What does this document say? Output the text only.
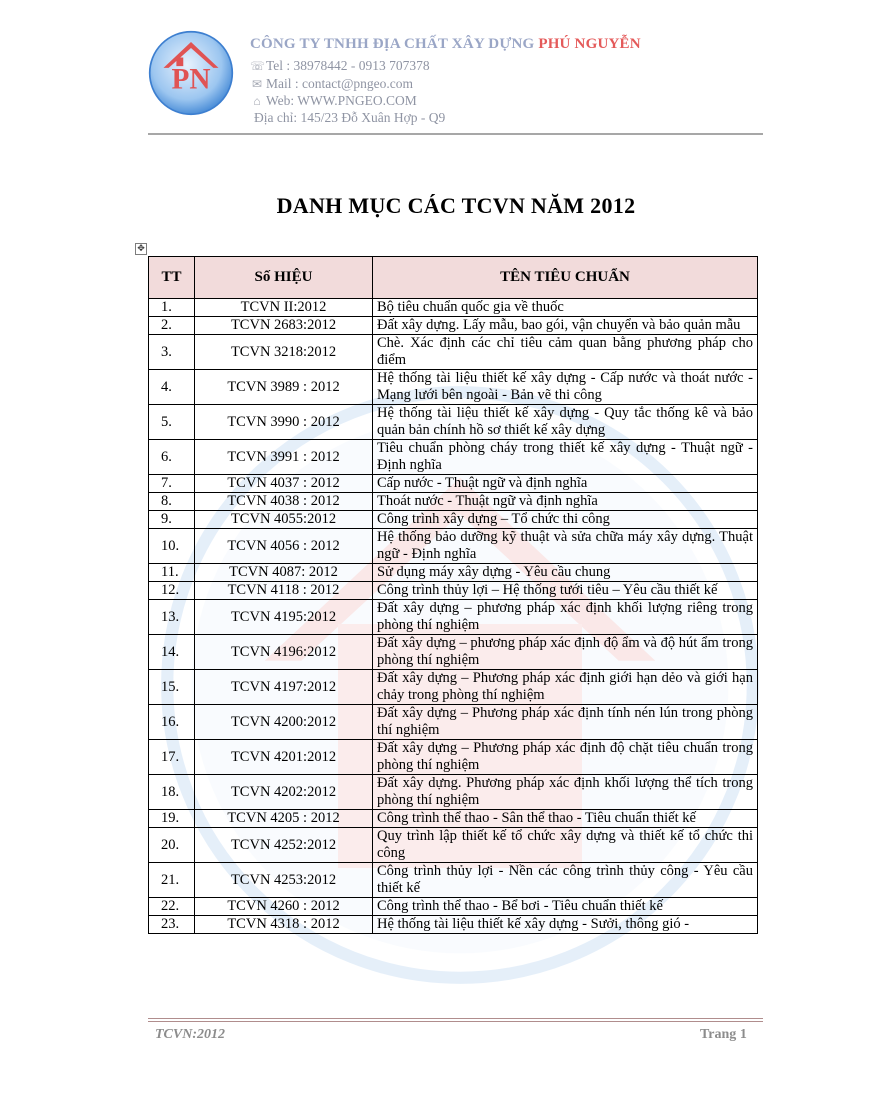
PN
CÔNG TY TNHH ĐỊA CHẤT XÂY DỰNG PHÚ NGUYỄN
☏Tel : 38978442 - 0913 707378
✉ Mail : contact@pngeo.com
⌂ Web: WWW.PNGEO.COM
Địa chỉ: 145/23 Đỗ Xuân Hợp - Q9
DANH MỤC CÁC TCVN NĂM 2012
✥
TT	Số HIỆU	TÊN TIÊU CHUẨN
1.	TCVN II:2012	Bộ tiêu chuẩn quốc gia về thuốc
2.	TCVN 2683:2012	Đất xây dựng. Lấy mẫu, bao gói, vận chuyển và bảo quản mẫu
3.	TCVN 3218:2012	Chè. Xác định các chỉ tiêu cảm quan bằng phương pháp cho điểm
4.	TCVN 3989 : 2012	Hệ thống tài liệu thiết kế xây dựng - Cấp nước và thoát nước - Mạng lưới bên ngoài - Bản vẽ thi công
5.	TCVN 3990 : 2012	Hệ thống tài liệu thiết kế xây dựng - Quy tắc thống kê và bảo quản bản chính hồ sơ thiết kế xây dựng
6.	TCVN 3991 : 2012	Tiêu chuẩn phòng cháy trong thiết kế xây dựng - Thuật ngữ - Định nghĩa
7.	TCVN 4037 : 2012	Cấp nước - Thuật ngữ và định nghĩa
8.	TCVN 4038 : 2012	Thoát nước - Thuật ngữ và định nghĩa
9.	TCVN 4055:2012	Công trình xây dựng – Tổ chức thi công
10.	TCVN 4056 : 2012	Hệ thống bảo dưỡng kỹ thuật và sửa chữa máy xây dựng. Thuật ngữ - Định nghĩa
11.	TCVN 4087: 2012	Sử dụng máy xây dựng - Yêu cầu chung
12.	TCVN 4118 : 2012	Công trình thủy lợi – Hệ thống tưới tiêu – Yêu cầu thiết kế
13.	TCVN 4195:2012	Đất xây dựng – phương pháp xác định khối lượng riêng trong phòng thí nghiệm
14.	TCVN 4196:2012	Đất xây dựng – phương pháp xác định độ ẩm và độ hút ẩm trong phòng thí nghiệm
15.	TCVN 4197:2012	Đất xây dựng – Phương pháp xác định giới hạn dẻo và giới hạn chảy trong phòng thí nghiệm
16.	TCVN 4200:2012	Đất xây dựng – Phương pháp xác định tính nén lún trong phòng thí nghiệm
17.	TCVN 4201:2012	Đất xây dựng – Phương pháp xác định độ chặt tiêu chuẩn trong phòng thí nghiệm
18.	TCVN 4202:2012	Đất xây dựng. Phương pháp xác định khối lượng thể tích trong phòng thí nghiệm
19.	TCVN 4205 : 2012	Công trình thể thao - Sân thể thao - Tiêu chuẩn thiết kế
20.	TCVN 4252:2012	Quy trình lập thiết kế tổ chức xây dựng và thiết kế tổ chức thi công
21.	TCVN 4253:2012	Công trình thủy lợi - Nền các công trình thủy công - Yêu cầu thiết kế
22.	TCVN 4260 : 2012	Công trình thể thao - Bể bơi - Tiêu chuẩn thiết kế
23.	TCVN 4318 : 2012	Hệ thống tài liệu thiết kế xây dựng - Sưởi, thông gió -
TCVN:2012	Trang 1
